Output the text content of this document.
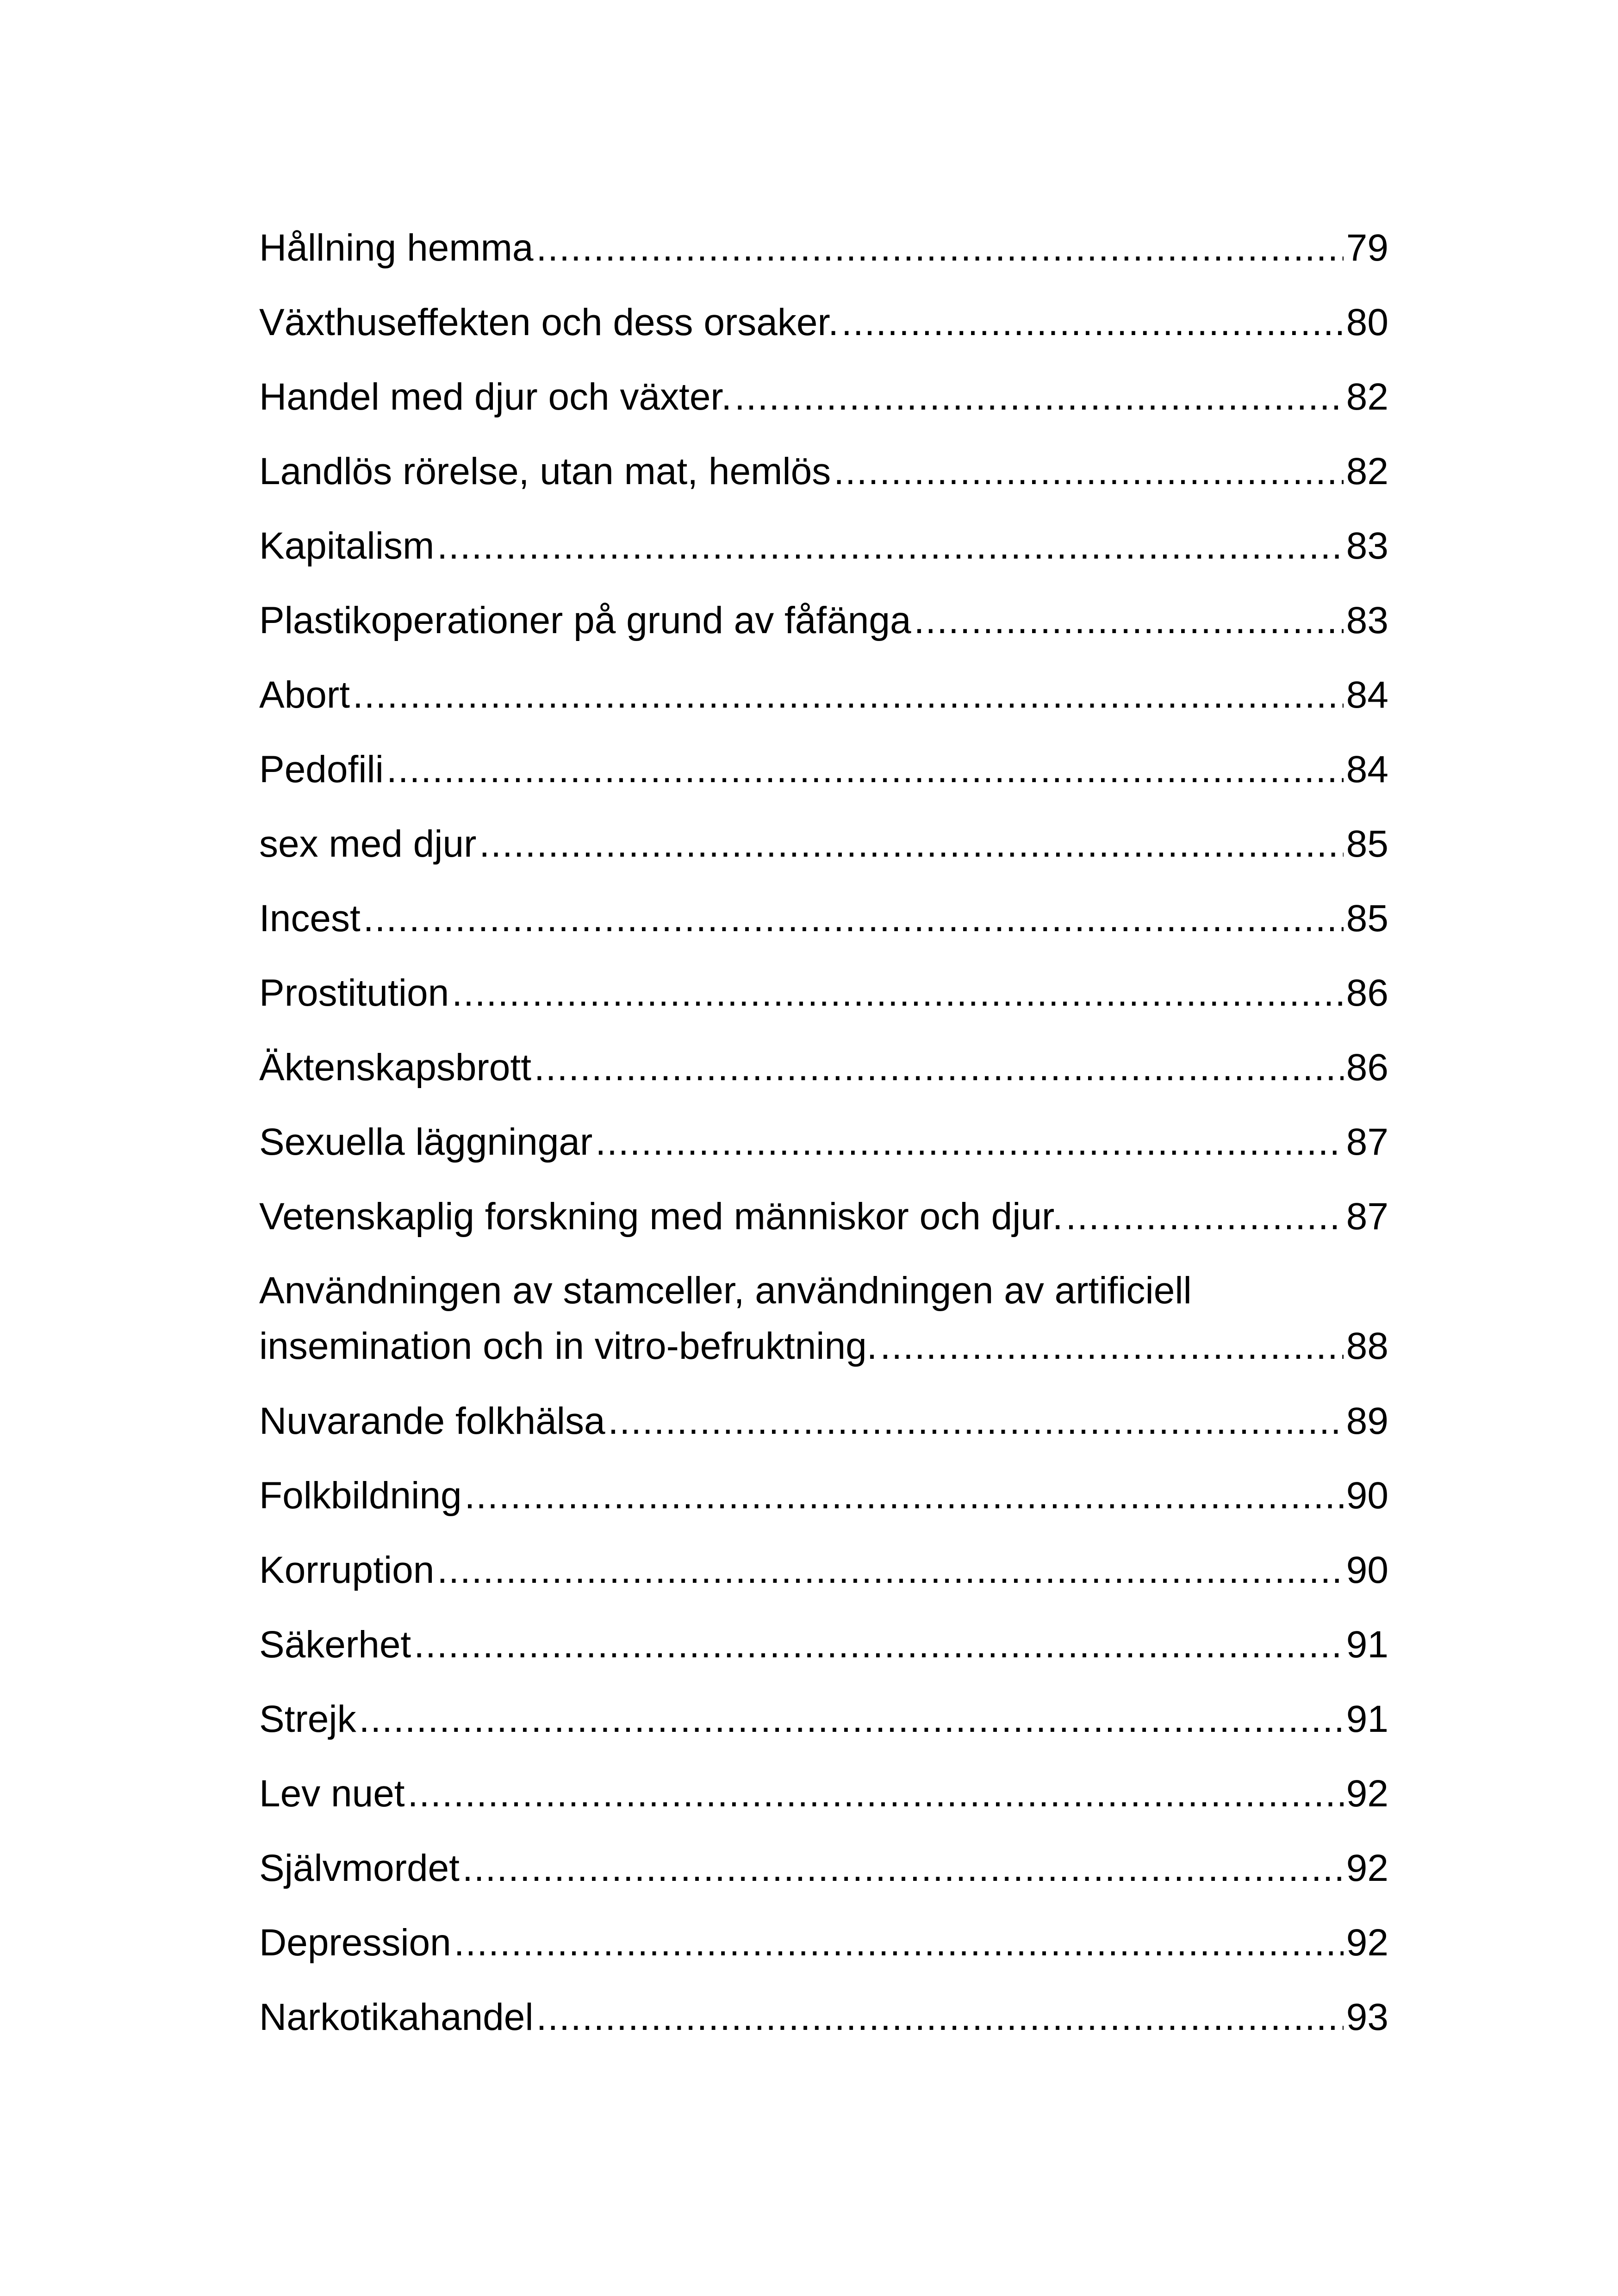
Hållning hemma .....	79
Växthuseffekten och dess orsaker. .....	80
Handel med djur och växter. .....	82
Landlös rörelse, utan mat, hemlös .....	82
Kapitalism .....	83
Plastikoperationer på grund av fåfänga .....	83
Abort .....	84
Pedofili .....	84
sex med djur .....	85
Incest .....	85
Prostitution .....	86
Äktenskapsbrott .....	86
Sexuella läggningar .....	87
Vetenskaplig forskning med människor och djur. .....	87
Användningen av stamceller, användningen av artificiell
insemination och in vitro-befruktning. .....	88
Nuvarande folkhälsa .....	89
Folkbildning .....	90
Korruption .....	90
Säkerhet .....	91
Strejk .....	91
Lev nuet .....	92
Självmordet .....	92
Depression .....	92
Narkotikahandel .....	93
